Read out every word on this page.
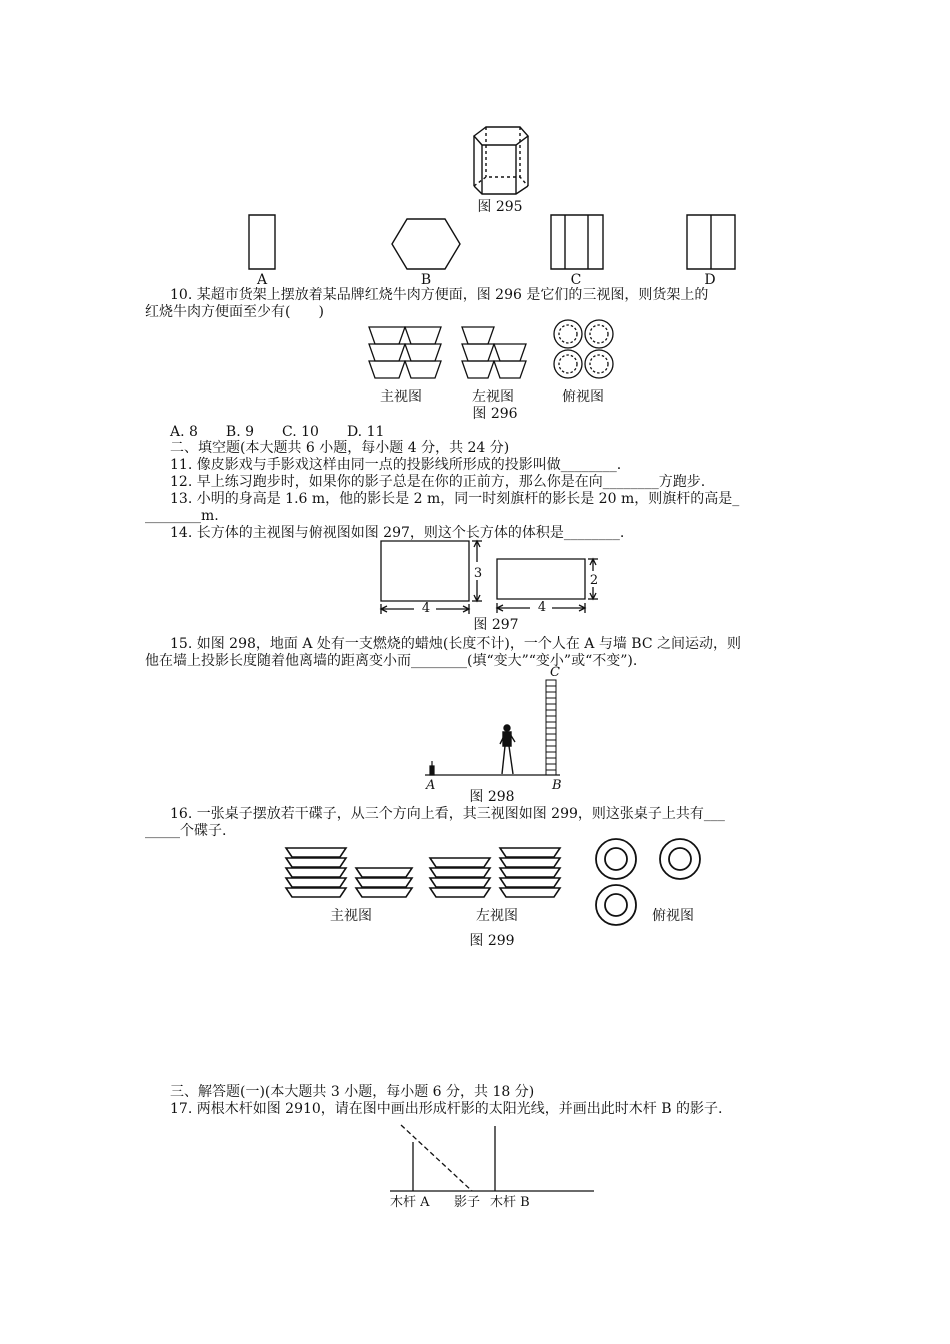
图 295
A	B	C	D
10. 某超市货架上摆放着某品牌红烧牛肉方便面，图 296 是它们的三视图，则货架上的
红烧牛肉方便面至少有(　　)
主视图	左视图	俯视图
图 296
A. 8　　B. 9　　C. 10　　D. 11
二、填空题(本大题共 6 小题，每小题 4 分，共 24 分)
11. 像皮影戏与手影戏这样由同一点的投影线所形成的投影叫做________.
12. 早上练习跑步时，如果你的影子总是在你的正前方，那么你是在向________方跑步.
13. 小明的身高是 1.6 m，他的影长是 2 m，同一时刻旗杆的影长是 20 m，则旗杆的高是_
________m.
14. 长方体的主视图与俯视图如图 297，则这个长方体的体积是________.
4
3
4
2
图 297
15. 如图 298，地面 A 处有一支燃烧的蜡烛(长度不计)，一个人在 A 与墙 BC 之间运动，则
他在墙上投影长度随着他离墙的距离变小而________(填“变大”“变小”或“不变”).
C
A	B
图 298
16. 一张桌子摆放若干碟子，从三个方向上看，其三视图如图 299，则这张桌子上共有___
_____个碟子.
主视图	左视图	俯视图
图 299
三、解答题(一)(本大题共 3 小题，每小题 6 分，共 18 分)
17. 两根木杆如图 2910，请在图中画出形成杆影的太阳光线，并画出此时木杆 B 的影子.
木杆 A 影子 木杆 B
